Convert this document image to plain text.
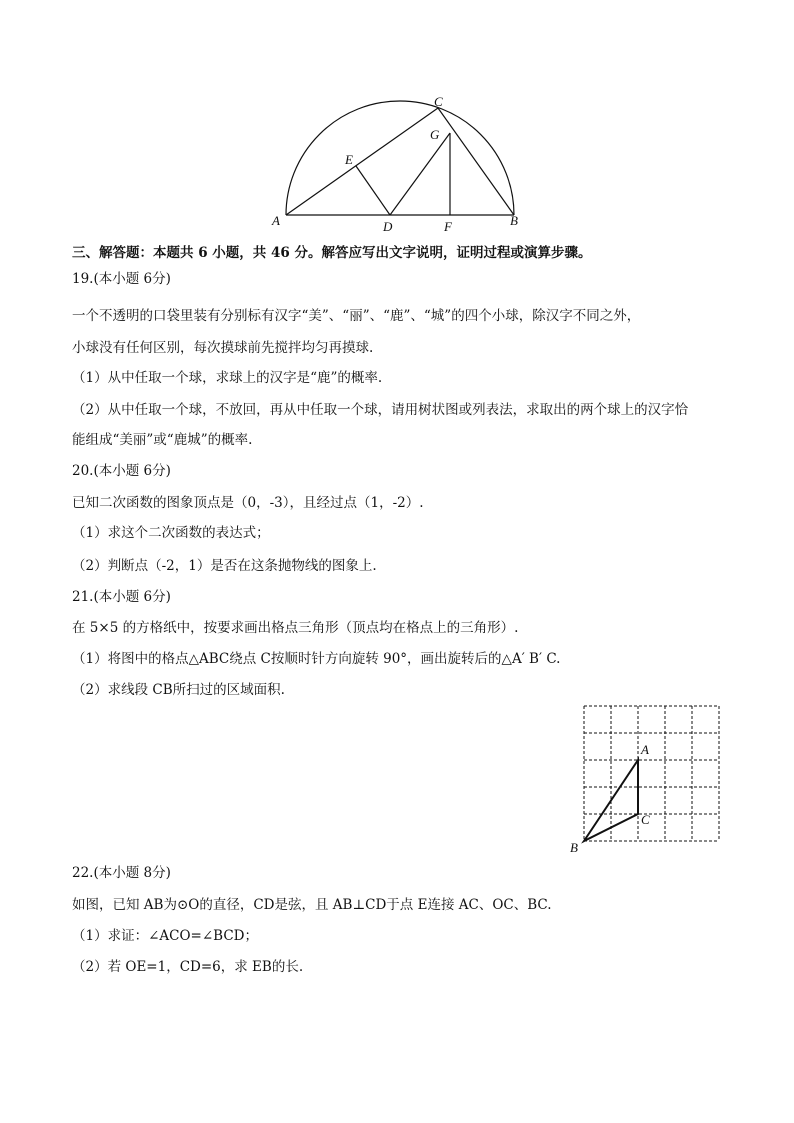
C
G
E
A	D	F	B
三、解答题：本题共 6 小题，共 46 分。解答应写出文字说明，证明过程或演算步骤。
19.(本小题 6分)
一个不透明的口袋里装有分别标有汉字“美”、“丽”、“鹿”、“城”的四个小球，除汉字不同之外，
小球没有任何区别，每次摸球前先搅拌均匀再摸球.
（1）从中任取一个球，求球上的汉字是“鹿”的概率.
（2）从中任取一个球，不放回，再从中任取一个球，请用树状图或列表法，求取出的两个球上的汉字恰
能组成“美丽”或“鹿城”的概率.
20.(本小题 6分)
已知二次函数的图象顶点是（0，-3），且经过点（1，-2）.
（1）求这个二次函数的表达式；
（2）判断点（-2，1）是否在这条抛物线的图象上.
21.(本小题 6分)
在 5×5 的方格纸中，按要求画出格点三角形（顶点均在格点上的三角形）.
（1）将图中的格点△ABC绕点 C按顺时针方向旋转 90°，画出旋转后的△A′ B′ C.
（2）求线段 CB所扫过的区域面积.
A
C
B
22.(本小题 8分)
如图，已知 AB为⊙O的直径，CD是弦，且 AB⊥CD于点 E连接 AC、OC、BC.
（1）求证：∠ACO=∠BCD；
（2）若 OE=1，CD=6，求 EB的长.
